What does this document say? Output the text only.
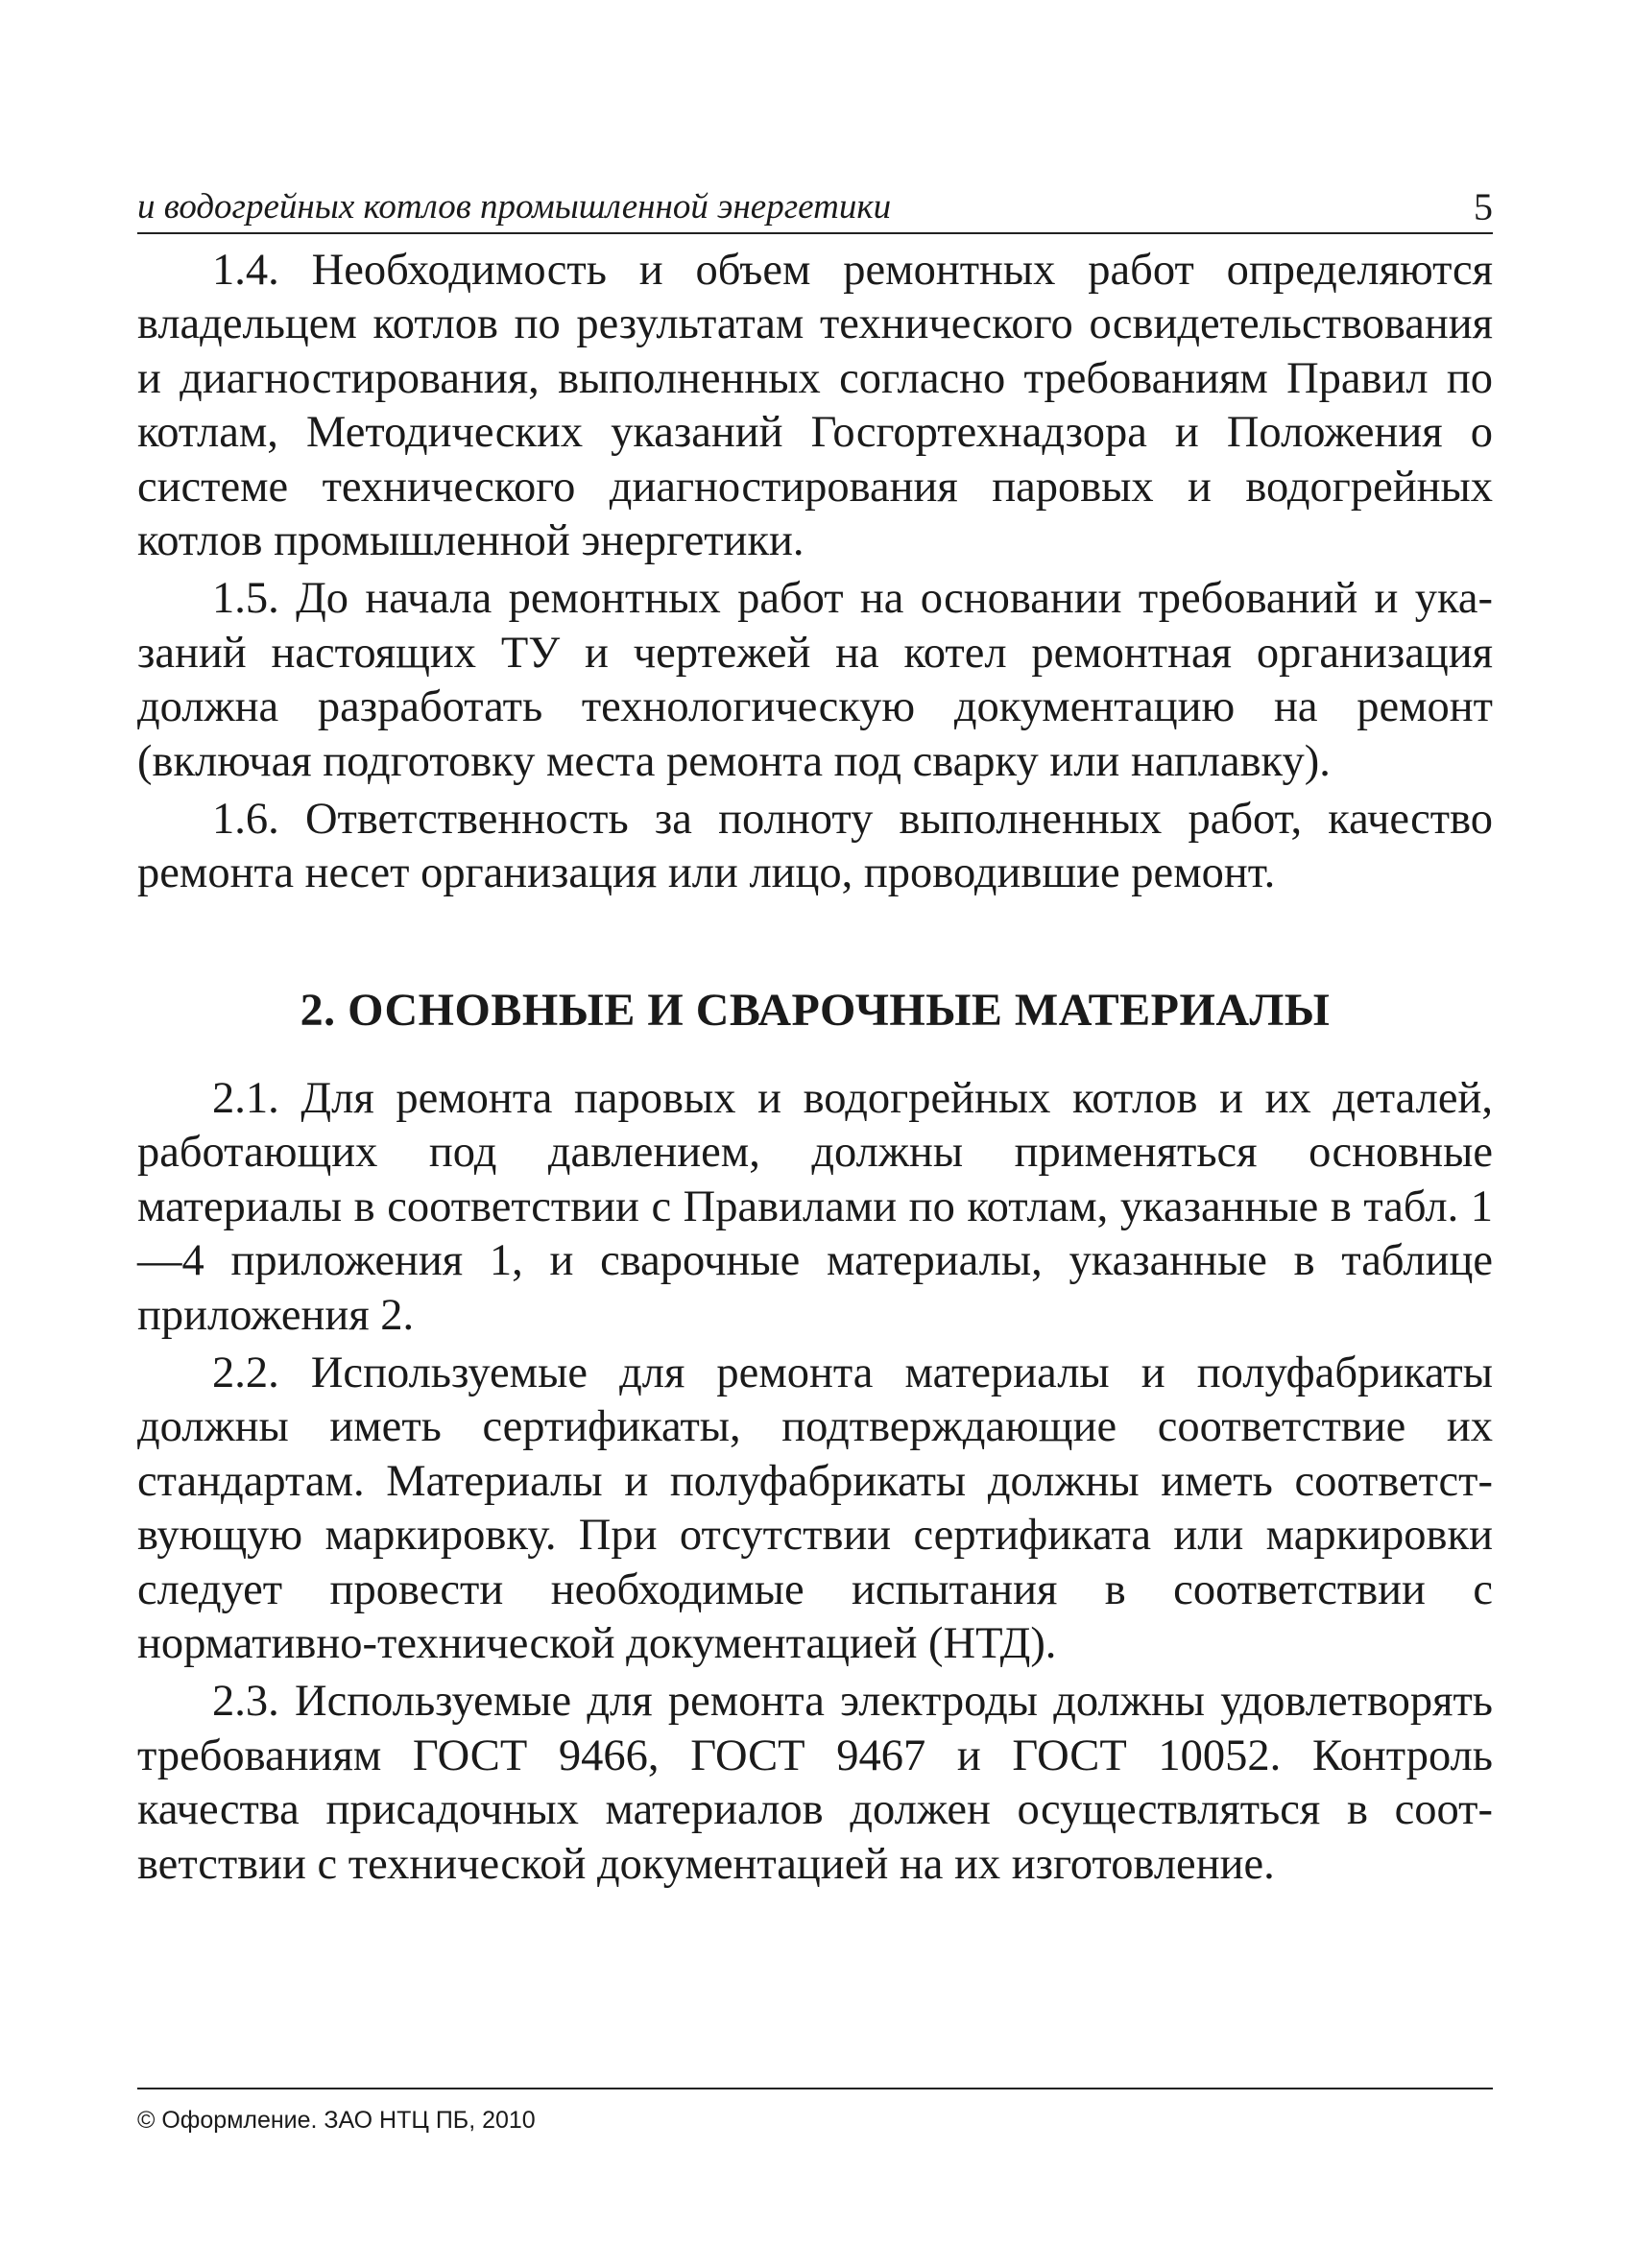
и водогрейных котлов промышленной энергетики	5

1.4. Необходимость и объем ремонтных работ определяются владельцем котлов по результатам технического освидетельствования и диагностирования, выполненных согласно требованиям Правил по котлам, Методических указаний Госгортехнадзора и Положения о системе технического диагностирования паровых и водогрейных котлов промышленной энергетики.

1.5. До начала ремонтных работ на основании требований и указаний настоящих ТУ и чертежей на котел ремонтная организация должна разработать технологическую документацию на ремонт (включая подготовку места ремонта под сварку или наплавку).

1.6. Ответственность за полноту выполненных работ, качество ремонта несет организация или лицо, проводившие ремонт.

2. ОСНОВНЫЕ И СВАРОЧНЫЕ МАТЕРИАЛЫ

2.1. Для ремонта паровых и водогрейных котлов и их деталей, работающих под давлением, должны применяться основные материалы в соответствии с Правилами по котлам, указанные в табл. 1—4 приложения 1, и сварочные материалы, указанные в таблице приложения 2.

2.2. Используемые для ремонта материалы и полуфабрикаты должны иметь сертификаты, подтверждающие соответствие их стандартам. Материалы и полуфабрикаты должны иметь соответствующую маркировку. При отсутствии сертификата или маркировки следует провести необходимые испытания в соответствии с нормативно-технической документацией (НТД).

2.3. Используемые для ремонта электроды должны удовлетворять требованиям ГОСТ 9466, ГОСТ 9467 и ГОСТ 10052. Контроль качества присадочных материалов должен осуществляться в соответствии с технической документацией на их изготовление.

© Оформление. ЗАО НТЦ ПБ, 2010
